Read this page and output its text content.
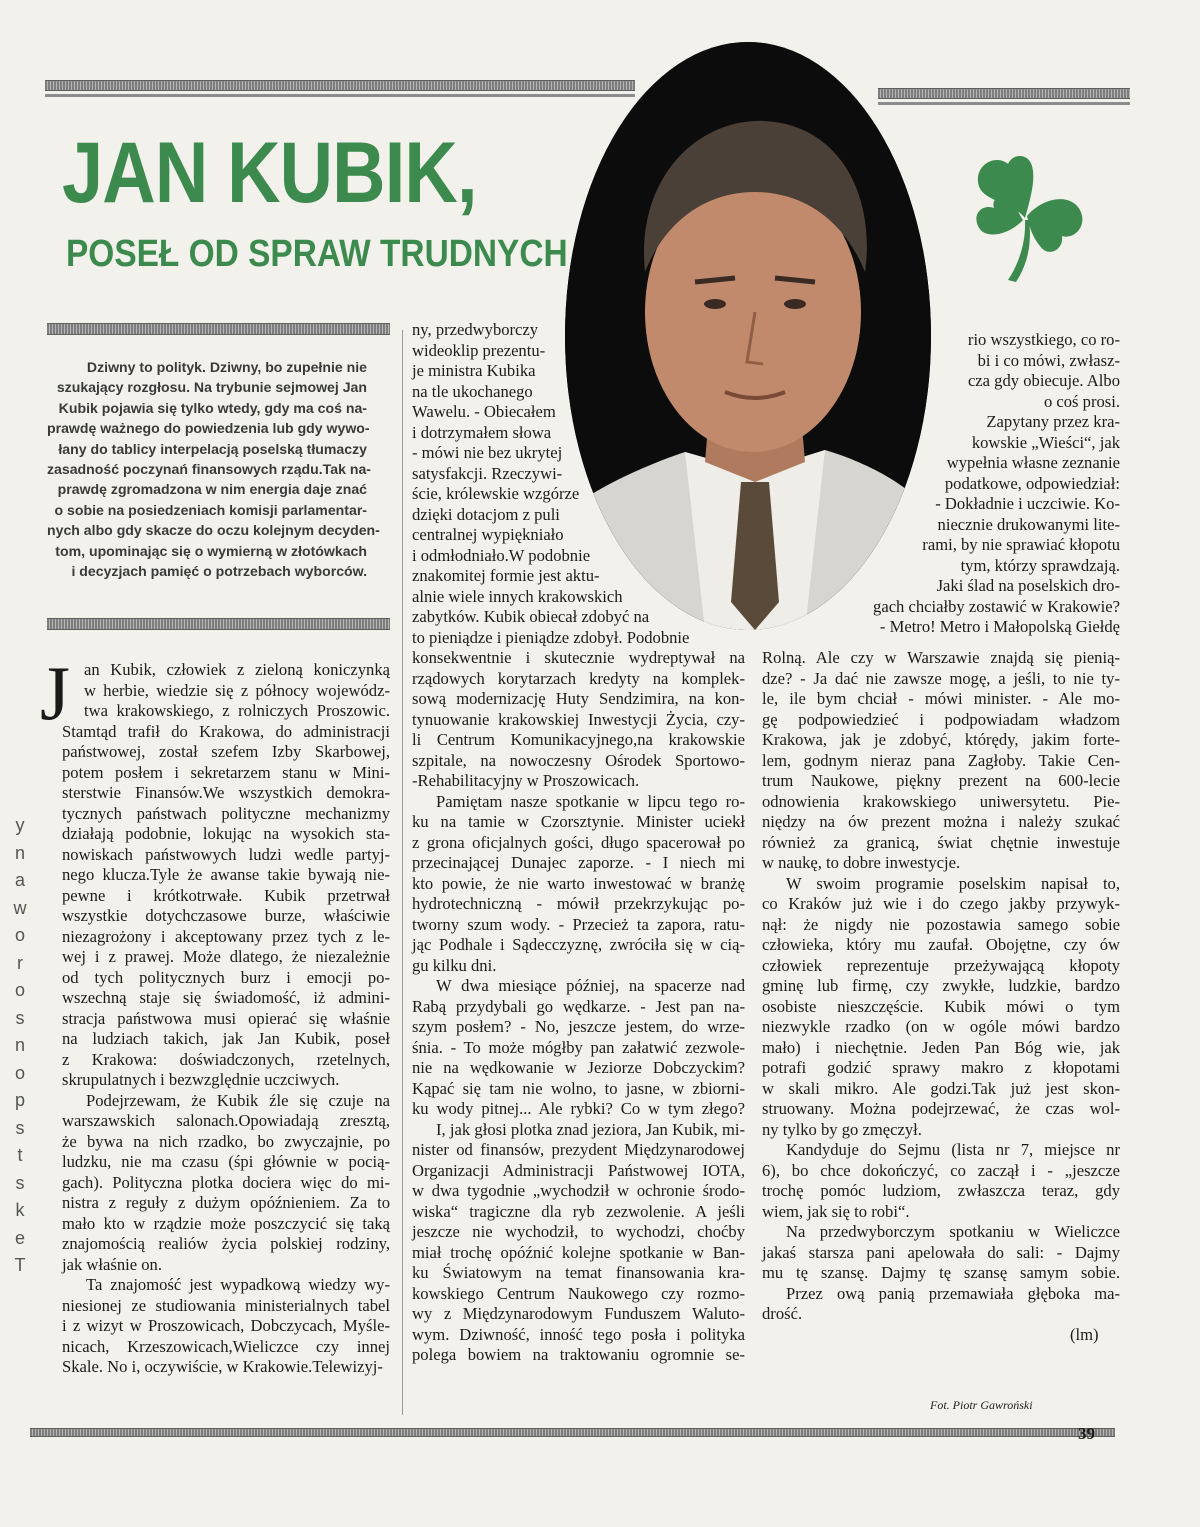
JAN KUBIK,
POSEŁ OD SPRAW TRUDNYCH
Dziwny to polityk. Dziwny, bo zupełnie nie
szukający rozgłosu. Na trybunie sejmowej Jan
Kubik pojawia się tylko wtedy, gdy ma coś na-
prawdę ważnego do powiedzenia lub gdy wywo-
łany do tablicy interpelacją poselską tłumaczy
zasadność poczynań finansowych rządu.Tak na-
prawdę zgromadzona w nim energia daje znać
o sobie na posiedzeniach komisji parlamentar-
nych albo gdy skacze do oczu kolejnym decyden-
tom, upominając się o wymierną w złotówkach
i decyzjach pamięć o potrzebach wyborców.
J an Kubik, człowiek z zieloną koniczynką
w herbie, wiedzie się z północy wojewódz-
twa krakowskiego, z rolniczych Proszowic.
Stamtąd trafił do Krakowa, do administracji
państwowej, został szefem Izby Skarbowej,
potem posłem i sekretarzem stanu w Mini-
sterstwie Finansów.We wszystkich demokra-
tycznych państwach polityczne mechanizmy
działają podobnie, lokując na wysokich sta-
nowiskach państwowych ludzi wedle partyj-
nego klucza.Tyle że awanse takie bywają nie-
pewne i krótkotrwałe. Kubik przetrwał
wszystkie dotychczasowe burze, właściwie
niezagrożony i akceptowany przez tych z le-
wej i z prawej. Może dlatego, że niezależnie
od tych politycznych burz i emocji po-
wszechną staje się świadomość, iż admini-
stracja państwowa musi opierać się właśnie
na ludziach takich, jak Jan Kubik, poseł
z Krakowa: doświadczonych, rzetelnych,
skrupulatnych i bezwzględnie uczciwych.
Podejrzewam, że Kubik źle się czuje na
warszawskich salonach.Opowiadają zresztą,
że bywa na nich rzadko, bo zwyczajnie, po
ludzku, nie ma czasu (śpi głównie w pocią-
gach). Polityczna plotka dociera więc do mi-
nistra z reguły z dużym opóźnieniem. Za to
mało kto w rządzie może poszczycić się taką
znajomością realiów życia polskiej rodziny,
jak właśnie on.
Ta znajomość jest wypadkową wiedzy wy-
niesionej ze studiowania ministerialnych tabel
i z wizyt w Proszowicach, Dobczycach, Myśle-
nicach, Krzeszowicach,Wieliczce czy innej
Skale. No i, oczywiście, w Krakowie.Telewizyj-
ny, przedwyborczy
wideoklip prezentu-
je ministra Kubika
na tle ukochanego
Wawelu. - Obiecałem
i dotrzymałem słowa
- mówi nie bez ukrytej
satysfakcji. Rzeczywi-
ście, królewskie wzgórze
dzięki dotacjom z puli
centralnej wypiękniało
i odmłodniało.W podobnie
znakomitej formie jest aktu-
alnie wiele innych krakowskich
zabytków. Kubik obiecał zdobyć na
to pieniądze i pieniądze zdobył. Podobnie
konsekwentnie i skutecznie wydreptywał na
rządowych korytarzach kredyty na komplek-
sową modernizację Huty Sendzimira, na kon-
tynuowanie krakowskiej Inwestycji Życia, czy-
li Centrum Komunikacyjnego,na krakowskie
szpitale, na nowoczesny Ośrodek Sportowo-
-Rehabilitacyjny w Proszowicach.
Pamiętam nasze spotkanie w lipcu tego ro-
ku na tamie w Czorsztynie. Minister uciekł
z grona oficjalnych gości, długo spacerował po
przecinającej Dunajec zaporze. - I niech mi
kto powie, że nie warto inwestować w branżę
hydrotechniczną - mówił przekrzykując po-
tworny szum wody. - Przecież ta zapora, ratu-
jąc Podhale i Sądecczyznę, zwróciła się w cią-
gu kilku dni.
W dwa miesiące później, na spacerze nad
Rabą przydybali go wędkarze. - Jest pan na-
szym posłem? - No, jeszcze jestem, do wrze-
śnia. - To może mógłby pan załatwić zezwole-
nie na wędkowanie w Jeziorze Dobczyckim?
Kąpać się tam nie wolno, to jasne, w zbiorni-
ku wody pitnej... Ale rybki? Co w tym złego?
I, jak głosi plotka znad jeziora, Jan Kubik, mi-
nister od finansów, prezydent Międzynarodowej
Organizacji Administracji Państwowej IOTA,
w dwa tygodnie „wychodził w ochronie środo-
wiska“ tragiczne dla ryb zezwolenie. A jeśli
jeszcze nie wychodził, to wychodzi, choćby
miał trochę opóźnić kolejne spotkanie w Ban-
ku Światowym na temat finansowania kra-
kowskiego Centrum Naukowego czy rozmo-
wy z Międzynarodowym Funduszem Waluto-
wym. Dziwność, inność tego posła i polityka
polega bowiem na traktowaniu ogromnie se-
rio wszystkiego, co ro-
bi i co mówi, zwłasz-
cza gdy obiecuje. Albo
o coś prosi.
Zapytany przez kra-
kowskie „Wieści“, jak
wypełnia własne zeznanie
podatkowe, odpowiedział:
- Dokładnie i uczciwie. Ko-
niecznie drukowanymi lite-
rami, by nie sprawiać kłopotu
tym, którzy sprawdzają.
Jaki ślad na poselskich dro-
gach chciałby zostawić w Krakowie?
- Metro! Metro i Małopolską Giełdę
Rolną. Ale czy w Warszawie znajdą się pienią-
dze? - Ja dać nie zawsze mogę, a jeśli, to nie ty-
le, ile bym chciał - mówi minister. - Ale mo-
gę podpowiedzieć i podpowiadam władzom
Krakowa, jak je zdobyć, którędy, jakim forte-
lem, godnym nieraz pana Zagłoby. Takie Cen-
trum Naukowe, piękny prezent na 600-lecie
odnowienia krakowskiego uniwersytetu. Pie-
niędzy na ów prezent można i należy szukać
również za granicą, świat chętnie inwestuje
w naukę, to dobre inwestycje.
W swoim programie poselskim napisał to,
co Kraków już wie i do czego jakby przywyk-
nął: że nigdy nie pozostawia samego sobie
człowieka, który mu zaufał. Obojętne, czy ów
człowiek reprezentuje przeżywającą kłopoty
gminę lub firmę, czy zwykłe, ludzkie, bardzo
osobiste nieszczęście. Kubik mówi o tym
niezwykle rzadko (on w ogóle mówi bardzo
mało) i niechętnie. Jeden Pan Bóg wie, jak
potrafi godzić sprawy makro z kłopotami
w skali mikro. Ale godzi.Tak już jest skon-
struowany. Można podejrzewać, że czas wol-
ny tylko by go zmęczył.
Kandyduje do Sejmu (lista nr 7, miejsce nr
6), bo chce dokończyć, co zaczął i - „jeszcze
trochę pomóc ludziom, zwłaszcza teraz, gdy
wiem, jak się to robi“.
Na przedwyborczym spotkaniu w Wieliczce
jakaś starsza pani apelowała do sali: - Dajmy
mu tę szansę. Dajmy tę szansę samym sobie.
Przez ową panią przemawiała głęboka ma-
drość.
(lm)
y
n
a
w
o
r
o
s
n
o
p
s
t
s
k
e
T
Fot. Piotr Gawroński
39
